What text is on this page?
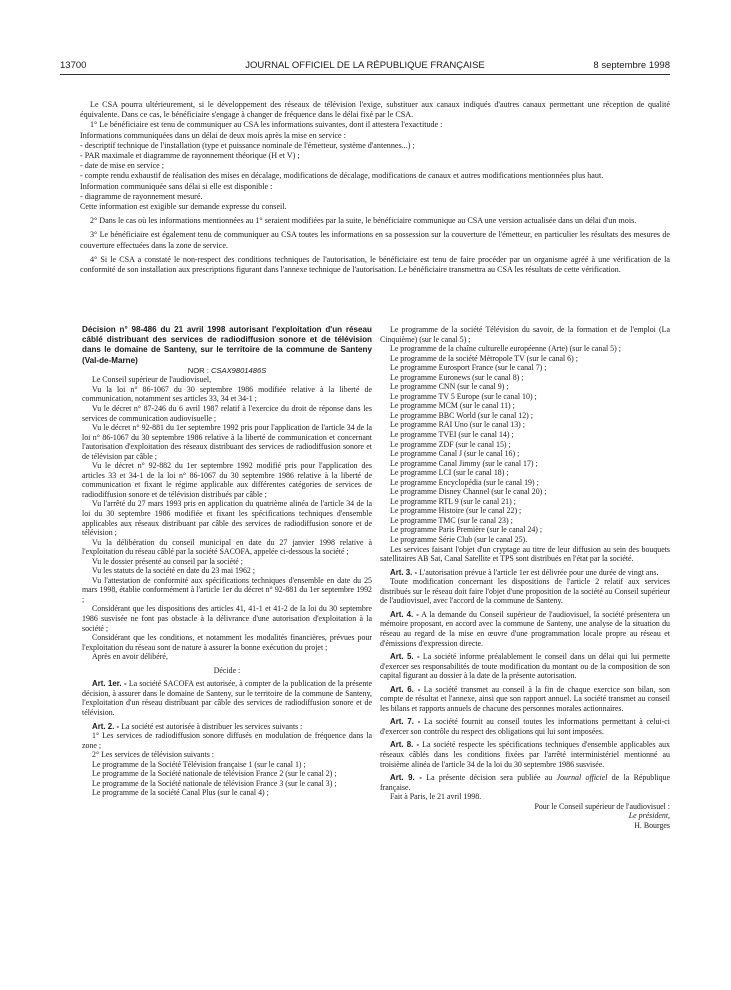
13700	JOURNAL OFFICIEL DE LA RÉPUBLIQUE FRANÇAISE	8 septembre 1998

Le CSA pourra ultérieurement, si le développement des réseaux de télévision l'exige, substituer aux canaux indiqués d'autres canaux permettant une réception de qualité équivalente. Dans ce cas, le bénéficiaire s'engage à changer de fréquence dans le délai fixé par le CSA.

1° Le bénéficiaire est tenu de communiquer au CSA les informations suivantes, dont il attestera l'exactitude :

Informations communiquées dans un délai de deux mois après la mise en service :

- descriptif technique de l'installation (type et puissance nominale de l'émetteur, système d'antennes...) ;

- PAR maximale et diagramme de rayonnement théorique (H et V) ;

- date de mise en service ;

- compte rendu exhaustif de réalisation des mises en décalage, modifications de décalage, modifications de canaux et autres modifications mentionnées plus haut.

Information communiquée sans délai si elle est disponible :

- diagramme de rayonnement mesuré.

Cette information est exigible sur demande expresse du conseil.

2° Dans le cas où les informations mentionnées au 1° seraient modifiées par la suite, le bénéficiaire communique au CSA une version actualisée dans un délai d'un mois.

3° Le bénéficiaire est également tenu de communiquer au CSA toutes les informations en sa possession sur la couverture de l'émetteur, en particulier les résultats des mesures de couverture effectuées dans la zone de service.

4° Si le CSA a constaté le non-respect des conditions techniques de l'autorisation, le bénéficiaire est tenu de faire procéder par un organisme agréé à une vérification de la conformité de son installation aux prescriptions figurant dans l'annexe technique de l'autorisation. Le bénéficiaire transmettra au CSA les résultats de cette vérification.

Décision n° 98-486 du 21 avril 1998 autorisant l'exploitation d'un réseau câblé distribuant des services de radiodiffusion sonore et de télévision dans le domaine de Santeny, sur le territoire de la commune de Santeny (Val-de-Marne)

NOR : CSAX9801486S

Le Conseil supérieur de l'audiovisuel,

Vu la loi n° 86-1067 du 30 septembre 1986 modifiée relative à la liberté de communication, notamment ses articles 33, 34 et 34-1 ;

Vu le décret n° 87-246 du 6 avril 1987 relatif à l'exercice du droit de réponse dans les services de communication audiovisuelle ;

Vu le décret n° 92-881 du 1er septembre 1992 pris pour l'application de l'article 34 de la loi n° 86-1067 du 30 septembre 1986 relative à la liberté de communication et concernant l'autorisation d'exploitation des réseaux distribuant des services de radiodiffusion sonore et de télévision par câble ;

Vu le décret n° 92-882 du 1er septembre 1992 modifié pris pour l'application des articles 33 et 34-1 de la loi n° 86-1067 du 30 septembre 1986 relative à la liberté de communication et fixant le régime applicable aux différentes catégories de services de radiodiffusion sonore et de télévision distribués par câble ;

Vu l'arrêté du 27 mars 1993 pris en application du quatrième alinéa de l'article 34 de la loi du 30 septembre 1986 modifiée et fixant les spécifications techniques d'ensemble applicables aux réseaux distribuant par câble des services de radiodiffusion sonore et de télévision ;

Vu la délibération du conseil municipal en date du 27 janvier 1998 relative à l'exploitation du réseau câblé par la société SACOFA, appelée ci-dessous la société ;

Vu le dossier présenté au conseil par la société ;

Vu les statuts de la société en date du 23 mai 1962 ;

Vu l'attestation de conformité aux spécifications techniques d'ensemble en date du 25 mars 1998, établie conformément à l'article 1er du décret n° 92-881 du 1er septembre 1992 ;

Considérant que les dispositions des articles 41, 41-1 et 41-2 de la loi du 30 septembre 1986 susvisée ne font pas obstacle à la délivrance d'une autorisation d'exploitation à la société ;

Considérant que les conditions, et notamment les modalités financières, prévues pour l'exploitation du réseau sont de nature à assurer la bonne exécution du projet ;

Après en avoir délibéré,

Décide :

Art. 1er. - La société SACOFA est autorisée, à compter de la publication de la présente décision, à assurer dans le domaine de Santeny, sur le territoire de la commune de Santeny, l'exploitation d'un réseau distribuant par câble des services de radiodiffusion sonore et de télévision.

Art. 2. - La société est autorisée à distribuer les services suivants :

1° Les services de radiodiffusion sonore diffusés en modulation de fréquence dans la zone ;

2° Les services de télévision suivants :

Le programme de la Société Télévision française 1 (sur le canal 1) ;

Le programme de la Société nationale de télévision France 2 (sur le canal 2) ;

Le programme de la Société nationale de télévision France 3 (sur le canal 3) ;

Le programme de la société Canal Plus (sur le canal 4) ;

Le programme de la société Télévision du savoir, de la formation et de l'emploi (La Cinquième) (sur le canal 5) ;

Le programme de la chaîne culturelle européenne (Arte) (sur le canal 5) ;

Le programme de la société Métropole TV (sur le canal 6) ;

Le programme Eurosport France (sur le canal 7) ;

Le programme Euronews (sur le canal 8) ;

Le programme CNN (sur le canal 9) ;

Le programme TV 5 Europe (sur le canal 10) ;

Le programme MCM (sur le canal 11) ;

Le programme BBC World (sur le canal 12) ;

Le programme RAI Uno (sur le canal 13) ;

Le programme TVEI (sur le canal 14) ;

Le programme ZDF (sur le canal 15) ;

Le programme Canal J (sur le canal 16) ;

Le programme Canal Jimmy (sur le canal 17) ;

Le programme LCI (sur le canal 18) ;

Le programme Encyclopédia (sur le canal 19) ;

Le programme Disney Channel (sur le canal 20) ;

Le programme RTL 9 (sur le canal 21) ;

Le programme Histoire (sur le canal 22) ;

Le programme TMC (sur le canal 23) ;

Le programme Paris Première (sur le canal 24) ;

Le programme Série Club (sur le canal 25).

Les services faisant l'objet d'un cryptage au titre de leur diffusion au sein des bouquets satellitaires AB Sat, Canal Satellite et TPS sont distribués en l'état par la société.

Art. 3. - L'autorisation prévue à l'article 1er est délivrée pour une durée de vingt ans.

Toute modification concernant les dispositions de l'article 2 relatif aux services distribués sur le réseau doit faire l'objet d'une proposition de la société au Conseil supérieur de l'audiovisuel, avec l'accord de la commune de Santeny.

Art. 4. - A la demande du Conseil supérieur de l'audiovisuel, la société présentera un mémoire proposant, en accord avec la commune de Santeny, une analyse de la situation du réseau au regard de la mise en œuvre d'une programmation locale propre au réseau et d'émissions d'expression directe.

Art. 5. - La société informe préalablement le conseil dans un délai qui lui permette d'exercer ses responsabilités de toute modification du montant ou de la composition de son capital figurant au dossier à la date de la présente autorisation.

Art. 6. - La société transmet au conseil à la fin de chaque exercice son bilan, son compte de résultat et l'annexe, ainsi que son rapport annuel. La société transmet au conseil les bilans et rapports annuels de chacune des personnes morales actionnaires.

Art. 7. - La société fournit au conseil toutes les informations permettant à celui-ci d'exercer son contrôle du respect des obligations qui lui sont imposées.

Art. 8. - La société respecte les spécifications techniques d'ensemble applicables aux réseaux câblés dans les conditions fixées par l'arrêté interministériel mentionné au troisième alinéa de l'article 34 de la loi du 30 septembre 1986 susvisée.

Art. 9. - La présente décision sera publiée au Journal officiel de la République française.

Fait à Paris, le 21 avril 1998.

Pour le Conseil supérieur de l'audiovisuel :

Le président,

H. Bourges
